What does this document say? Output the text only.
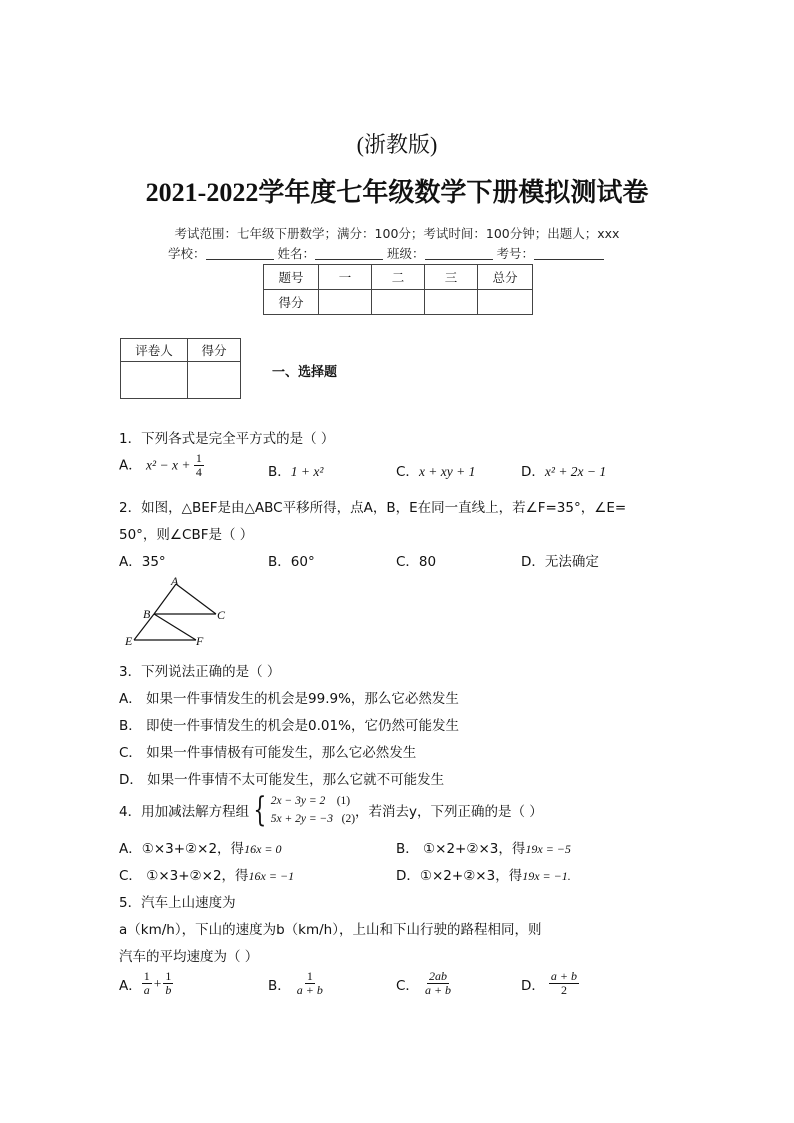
(浙教版)
2021-2022学年度七年级数学下册模拟测试卷
考试范围：七年级下册数学；满分：100分；考试时间：100分钟；出题人；xxx
学校：	姓名：	班级：	考号：
题号	一	二	三	总分
得分				
评卷人	得分

一、选择题
1．下列各式是完全平方式的是（ ）
A． $x^2 - x + \frac{1}{4}$	B．1 + x²	C．x + xy + 1	D．x² + 2x − 1
2．如图，△BEF是由△ABC平移所得，点A，B，E在同一直线上，若∠F=35°，∠E=
50°，则∠CBF是（ ）
A．35°	B．60°	C．80	D．无法确定
A
B	C
E	F
3．下列说法正确的是（ ）
A． 如果一件事情发生的机会是99.9%，那么它必然发生
B． 即使一件事情发生的机会是0.01%，它仍然可能发生
C． 如果一件事情极有可能发生，那么它必然发生
D． 如果一件事情不太可能发生，那么它就不可能发生
4．用加减法解方程组 { 2x − 3y = 2 (1)
5x + 2y = −3 (2) ，若消去y，下列正确的是（ ）
A．①×3+②×2，得16x = 0	B． ①×2+②×3，得19x = −5
C． ①×3+②×2，得16x = −1	D．①×2+②×3，得19x = −1.
5．汽车上山速度为
a（km/h），下山的速度为b（km/h），上山和下山行驶的路程相同，则
汽车的平均速度为（ ）
A． $\frac{1}{a} + \frac{1}{b}$	B． $\frac{1}{a + b}$	C． $\frac{2ab}{a + b}$	D． $\frac{a + b}{2}$
